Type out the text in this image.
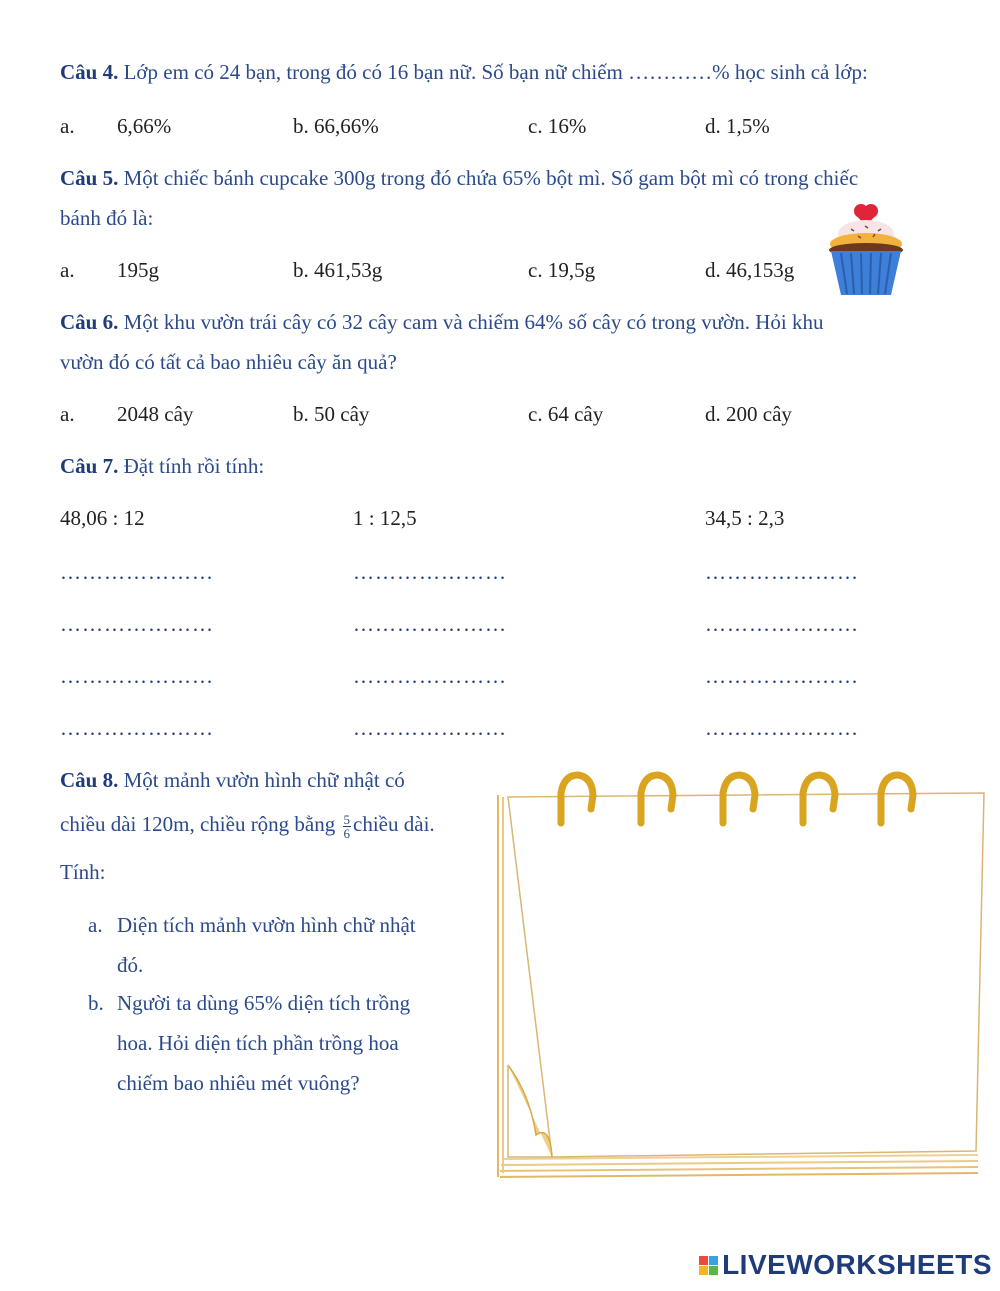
Câu 4. Lớp em có 24 bạn, trong đó có 16 bạn nữ. Số bạn nữ chiếm …………% học sinh cả lớp:
a. 6,66%	b. 66,66%	c. 16%	d. 1,5%
Câu 5. Một chiếc bánh cupcake 300g trong đó chứa 65% bột mì. Số gam bột mì có trong chiếc
bánh đó là:
a. 195g	b. 461,53g	c. 19,5g	d. 46,153g
Câu 6. Một khu vườn trái cây có 32 cây cam và chiếm 64% số cây có trong vườn. Hỏi khu
vườn đó có tất cả bao nhiêu cây ăn quả?
a. 2048 cây	b. 50 cây	c. 64 cây	d. 200 cây
Câu 7. Đặt tính rồi tính:
48,06 : 12	1 : 12,5	34,5 : 2,3
…………………	…………………	…………………
…………………	…………………	…………………
…………………	…………………	…………………
…………………	…………………	…………………
Câu 8. Một mảnh vườn hình chữ nhật có
chiều dài 120m, chiều rộng bằng $\frac{5}{6}$ chiều dài.
Tính:
a. Diện tích mảnh vườn hình chữ nhật
đó.
b. Người ta dùng 65% diện tích trồng
hoa. Hỏi diện tích phần trồng hoa
chiếm bao nhiêu mét vuông?
LIVEWORKSHEETS
